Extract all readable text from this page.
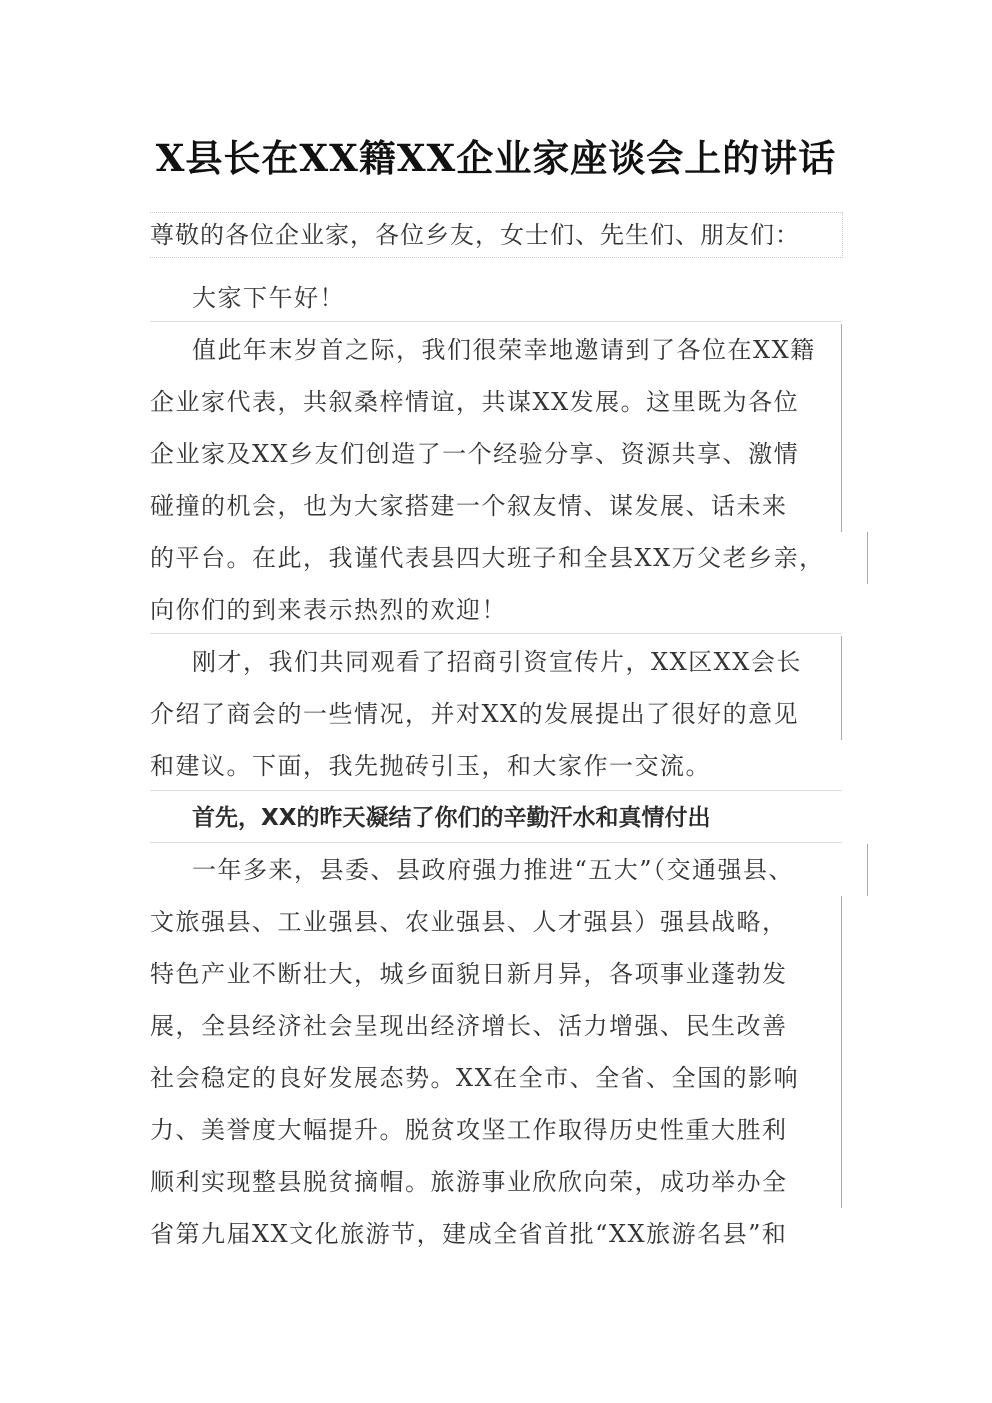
X县长在XX籍XX企业家座谈会上的讲话
尊敬的各位企业家，各位乡友，女士们、先生们、朋友们：
大家下午好！
值此年末岁首之际，我们很荣幸地邀请到了各位在XX籍
企业家代表，共叙桑梓情谊，共谋XX发展。这里既为各位
企业家及XX乡友们创造了一个经验分享、资源共享、激情
碰撞的机会，也为大家搭建一个叙友情、谋发展、话未来
的平台。在此，我谨代表县四大班子和全县XX万父老乡亲，
向你们的到来表示热烈的欢迎！
刚才，我们共同观看了招商引资宣传片，XX区XX会长
介绍了商会的一些情况，并对XX的发展提出了很好的意见
和建议。下面，我先抛砖引玉，和大家作一交流。
首先，XX的昨天凝结了你们的辛勤汗水和真情付出
一年多来，县委、县政府强力推进“五大”（交通强县、
文旅强县、工业强县、农业强县、人才强县）强县战略，
特色产业不断壮大，城乡面貌日新月异，各项事业蓬勃发
展，全县经济社会呈现出经济增长、活力增强、民生改善
社会稳定的良好发展态势。XX在全市、全省、全国的影响
力、美誉度大幅提升。脱贫攻坚工作取得历史性重大胜利
顺利实现整县脱贫摘帽。旅游事业欣欣向荣，成功举办全
省第九届XX文化旅游节，建成全省首批“XX旅游名县”和
